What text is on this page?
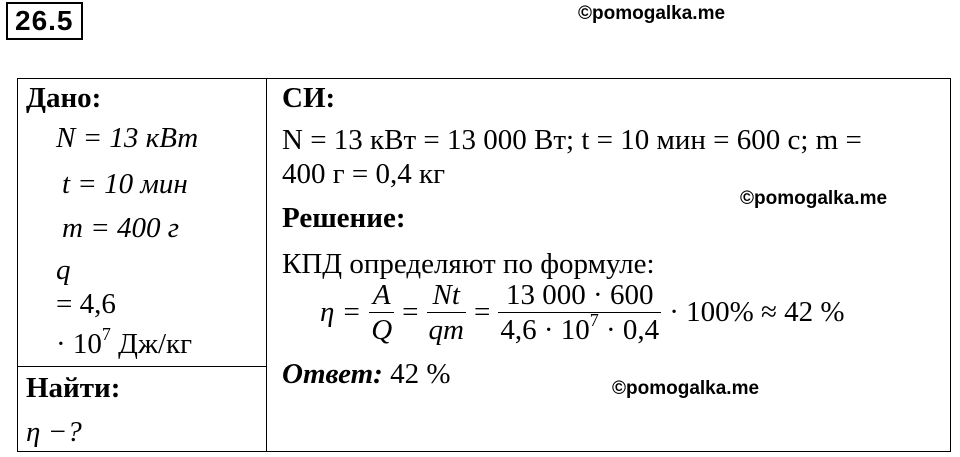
26.5	©pomogalka.me
©pomogalka.me
©pomogalka.me
Дано:
N = 13 кВт
t = 10 мин
m = 400 г
q
= 4,6
· $10^7$ Дж/кг
Найти:
η −?
СИ:
N = 13 кВт = 13 000 Вт; t = 10 мин = 600 с; m =
400 г = 0,4 кг
Решение:
КПД определяют по формуле:
Ответ: 42 %
$\eta = \frac{A}{Q} = \frac{Nt}{qm} = \frac{13 000 \cdot 600}{4,6 \cdot 10^7 \cdot 0,4} \cdot 100\% \approx 42$ %
